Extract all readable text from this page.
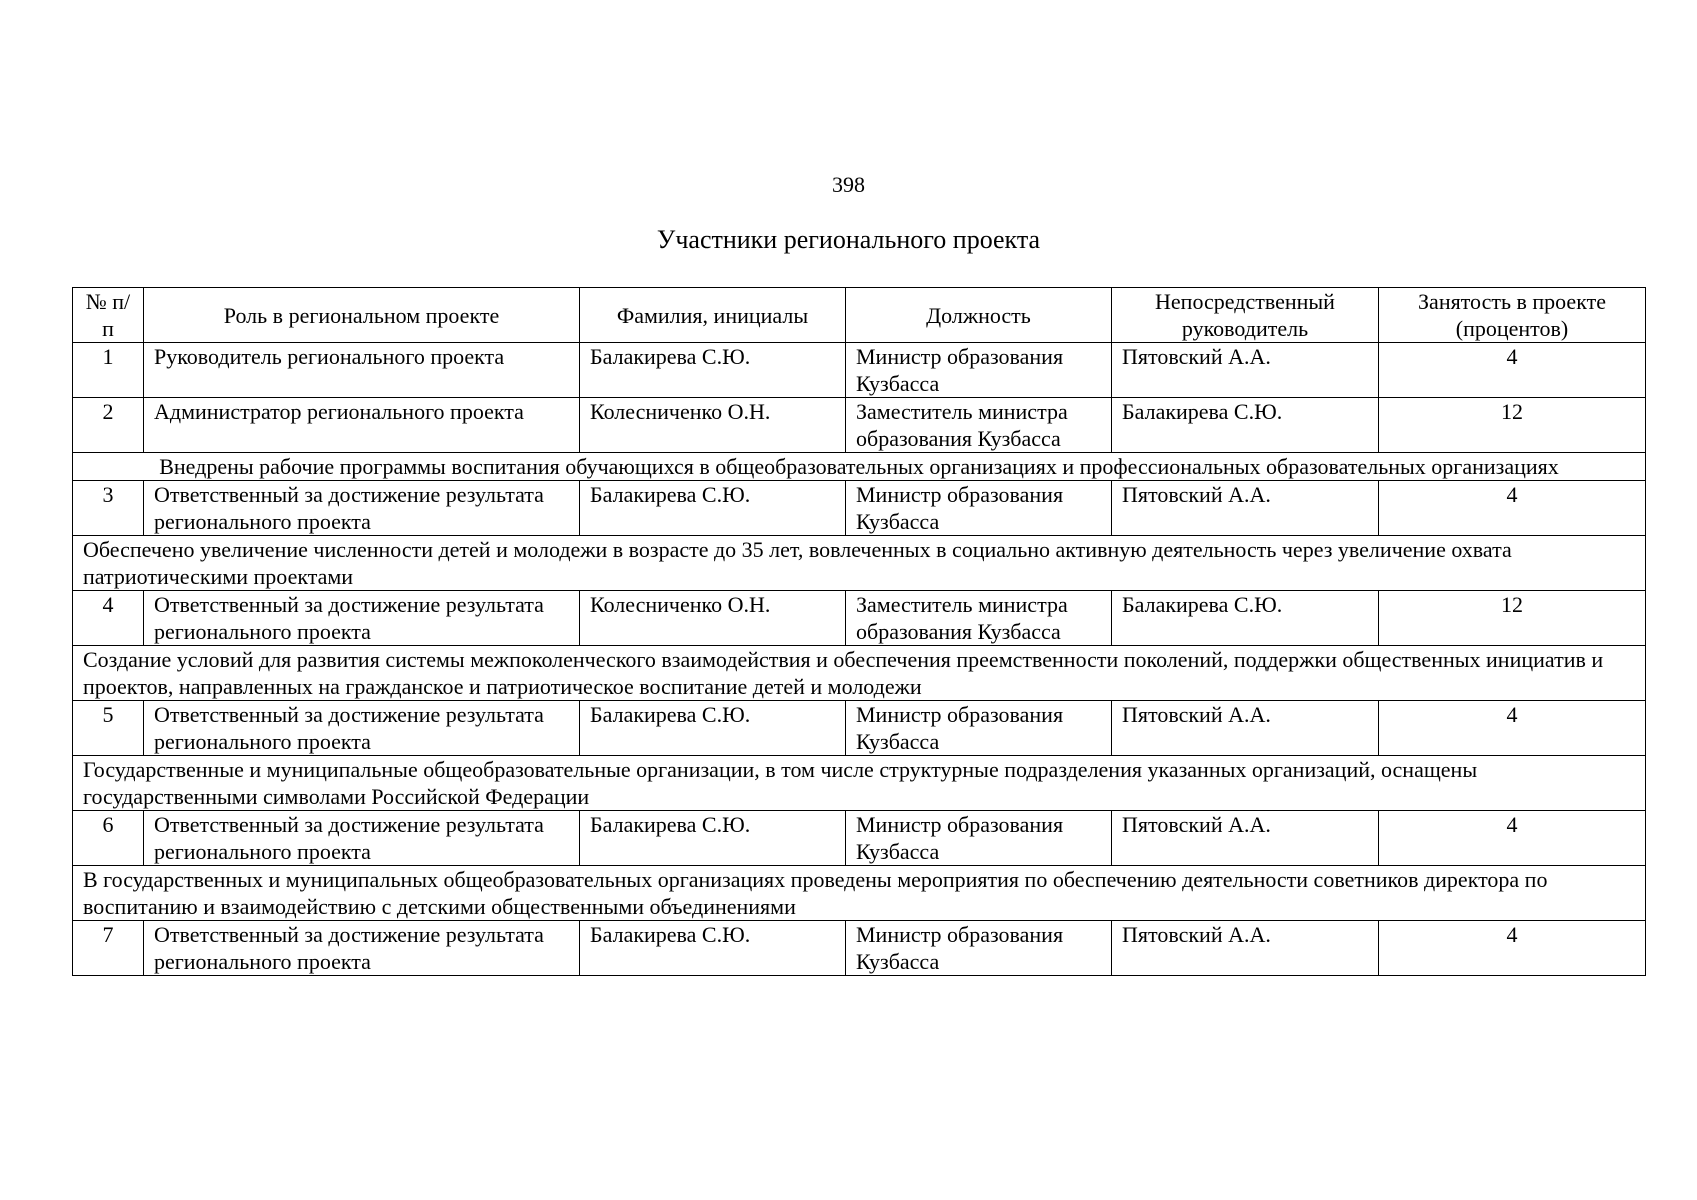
398
Участники регионального проекта
№ п/п	Роль в региональном проекте	Фамилия, инициалы	Должность	Непосредственный руководитель	Занятость в проекте (процентов)
1	Руководитель регионального проекта	Балакирева С.Ю.	Министр образования Кузбасса	Пятовский А.А.	4
2	Администратор регионального проекта	Колесниченко О.Н.	Заместитель министра образования Кузбасса	Балакирева С.Ю.	12
Внедрены рабочие программы воспитания обучающихся в общеобразовательных организациях и профессиональных образовательных организациях					
3	Ответственный за достижение результата регионального проекта	Балакирева С.Ю.	Министр образования Кузбасса	Пятовский А.А.	4
Обеспечено увеличение численности детей и молодежи в возрасте до 35 лет, вовлеченных в социально активную деятельность через увеличение охвата патриотическими проектами					
4	Ответственный за достижение результата регионального проекта	Колесниченко О.Н.	Заместитель министра образования Кузбасса	Балакирева С.Ю.	12
Создание условий для развития системы межпоколенческого взаимодействия и обеспечения преемственности поколений, поддержки общественных инициатив и проектов, направленных на гражданское и патриотическое воспитание детей и молодежи					
5	Ответственный за достижение результата регионального проекта	Балакирева С.Ю.	Министр образования Кузбасса	Пятовский А.А.	4
Государственные и муниципальные общеобразовательные организации, в том числе структурные подразделения указанных организаций, оснащены государственными символами Российской Федерации					
6	Ответственный за достижение результата регионального проекта	Балакирева С.Ю.	Министр образования Кузбасса	Пятовский А.А.	4
В государственных и муниципальных общеобразовательных организациях проведены мероприятия по обеспечению деятельности советников директора по воспитанию и взаимодействию с детскими общественными объединениями					
7	Ответственный за достижение результата регионального проекта	Балакирева С.Ю.	Министр образования Кузбасса	Пятовский А.А.	4
